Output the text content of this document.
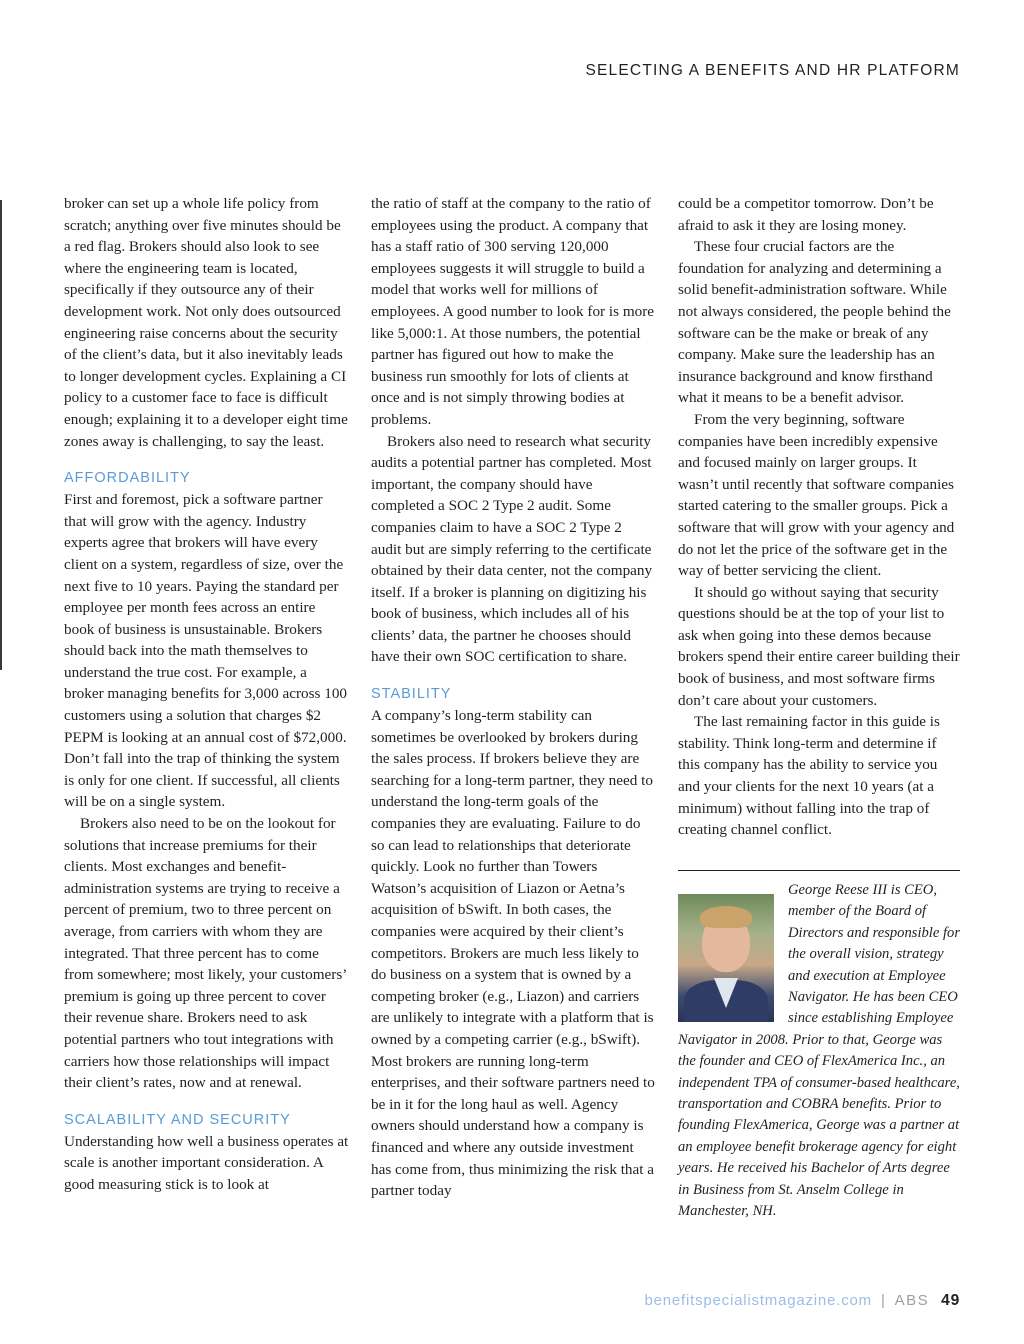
SELECTING A BENEFITS AND HR PLATFORM

broker can set up a whole life policy from scratch; anything over five minutes should be a red flag. Brokers should also look to see where the engineering team is located, specifically if they outsource any of their development work. Not only does outsourced engineering raise concerns about the security of the client’s data, but it also inevitably leads to longer development cycles. Explaining a CI policy to a customer face to face is difficult enough; explaining it to a developer eight time zones away is challenging, to say the least.

AFFORDABILITY

First and foremost, pick a software partner that will grow with the agency. Industry experts agree that brokers will have every client on a system, regardless of size, over the next five to 10 years. Paying the standard per employee per month fees across an entire book of business is unsustainable. Brokers should back into the math themselves to understand the true cost. For example, a broker managing benefits for 3,000 across 100 customers using a solution that charges $2 PEPM is looking at an annual cost of $72,000. Don’t fall into the trap of thinking the system is only for one client. If successful, all clients will be on a single system.

Brokers also need to be on the lookout for solutions that increase premiums for their clients. Most exchanges and benefit-administration systems are trying to receive a percent of premium, two to three percent on average, from carriers with whom they are integrated. That three percent has to come from somewhere; most likely, your customers’ premium is going up three percent to cover their revenue share. Brokers need to ask potential partners who tout integrations with carriers how those relationships will impact their client’s rates, now and at renewal.

SCALABILITY AND SECURITY

Understanding how well a business operates at scale is another important consideration. A good measuring stick is to look at

the ratio of staff at the company to the ratio of employees using the product. A company that has a staff ratio of 300 serving 120,000 employees suggests it will struggle to build a model that works well for millions of employees. A good number to look for is more like 5,000:1. At those numbers, the potential partner has figured out how to make the business run smoothly for lots of clients at once and is not simply throwing bodies at problems.

Brokers also need to research what security audits a potential partner has completed. Most important, the company should have completed a SOC 2 Type 2 audit. Some companies claim to have a SOC 2 Type 2 audit but are simply referring to the certificate obtained by their data center, not the company itself. If a broker is planning on digitizing his book of business, which includes all of his clients’ data, the partner he chooses should have their own SOC certification to share.

STABILITY

A company’s long-term stability can sometimes be overlooked by brokers during the sales process. If brokers believe they are searching for a long-term partner, they need to understand the long-term goals of the companies they are evaluating. Failure to do so can lead to relationships that deteriorate quickly. Look no further than Towers Watson’s acquisition of Liazon or Aetna’s acquisition of bSwift. In both cases, the companies were acquired by their client’s competitors. Brokers are much less likely to do business on a system that is owned by a competing broker (e.g., Liazon) and carriers are unlikely to integrate with a platform that is owned by a competing carrier (e.g., bSwift). Most brokers are running long-term enterprises, and their software partners need to be in it for the long haul as well. Agency owners should understand how a company is financed and where any outside investment has come from, thus minimizing the risk that a partner today

could be a competitor tomorrow. Don’t be afraid to ask it they are losing money.

These four crucial factors are the foundation for analyzing and determining a solid benefit-administration software. While not always considered, the people behind the software can be the make or break of any company. Make sure the leadership has an insurance background and know firsthand what it means to be a benefit advisor.

From the very beginning, software companies have been incredibly expensive and focused mainly on larger groups. It wasn’t until recently that software companies started catering to the smaller groups. Pick a software that will grow with your agency and do not let the price of the software get in the way of better servicing the client.

It should go without saying that security questions should be at the top of your list to ask when going into these demos because brokers spend their entire career building their book of business, and most software firms don’t care about your customers.

The last remaining factor in this guide is stability. Think long-term and determine if this company has the ability to service you and your clients for the next 10 years (at a minimum) without falling into the trap of creating channel conflict.

George Reese III is CEO, member of the Board of Directors and responsible for the overall vision, strategy and execution at Employee Navigator. He has been CEO since establishing Employee Navigator in 2008. Prior to that, George was the founder and CEO of FlexAmerica Inc., an independent TPA of consumer-based healthcare, transportation and COBRA benefits. Prior to founding FlexAmerica, George was a partner at an employee benefit brokerage agency for eight years. He received his Bachelor of Arts degree in Business from St. Anselm College in Manchester, NH.

benefitspecialistmagazine.com | ABS 49
